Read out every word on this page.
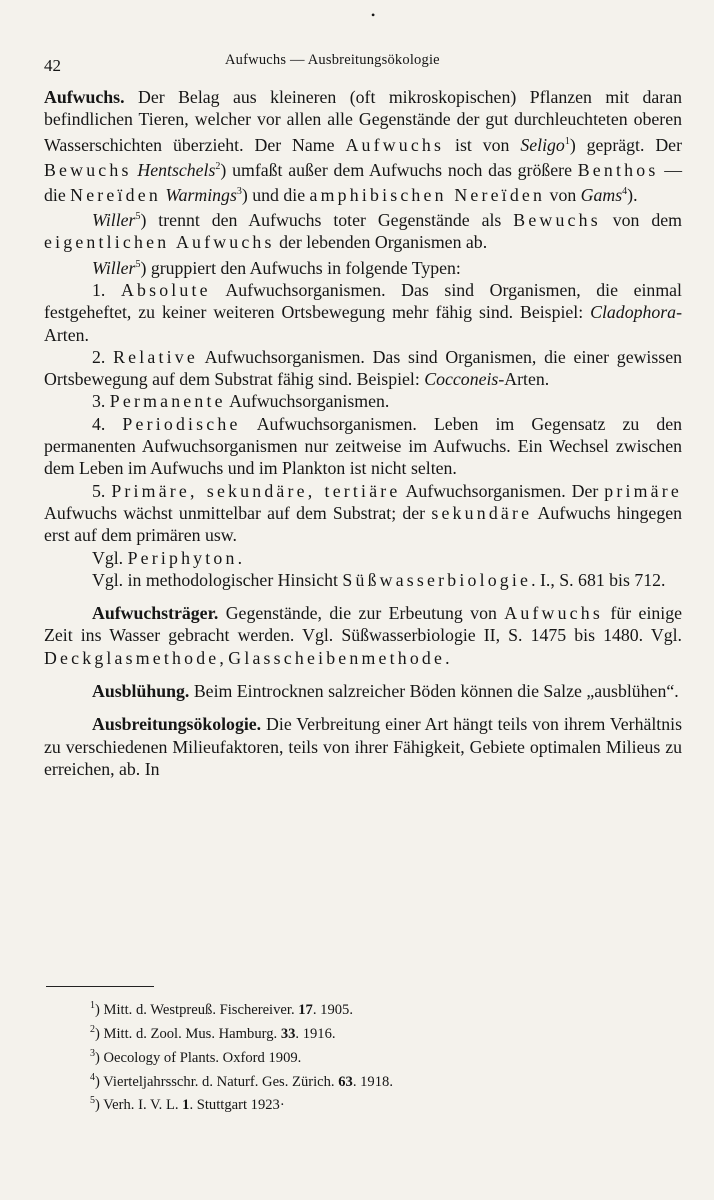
•
42	Aufwuchs — Ausbreitungsökologie

Aufwuchs. Der Belag aus kleineren (oft mikroskopischen) Pflanzen mit daran befindlichen Tieren, welcher vor allen alle Gegenstände der gut durchleuchteten oberen Wasserschichten überzieht. Der Name Aufwuchs ist von Seligo$^1$) geprägt. Der Bewuchs Hentschels$^2$) umfaßt außer dem Aufwuchs noch das größere Benthos — die Nereïden Warmings$^3$) und die amphibischen Nereïden von Gams$^4$).

Willer$^5$) trennt den Aufwuchs toter Gegenstände als Bewuchs von dem eigentlichen Aufwuchs der lebenden Organismen ab.

Willer$^5$) gruppiert den Aufwuchs in folgende Typen:

1. Absolute Aufwuchsorganismen. Das sind Organismen, die einmal festgeheftet, zu keiner weiteren Ortsbewegung mehr fähig sind. Beispiel: Cladophora-Arten.

2. Relative Aufwuchsorganismen. Das sind Organismen, die einer gewissen Ortsbewegung auf dem Substrat fähig sind. Beispiel: Cocconeis-Arten.

3. Permanente Aufwuchsorganismen.

4. Periodische Aufwuchsorganismen. Leben im Gegensatz zu den permanenten Aufwuchsorganismen nur zeitweise im Aufwuchs. Ein Wechsel zwischen dem Leben im Aufwuchs und im Plankton ist nicht selten.

5. Primäre, sekundäre, tertiäre Aufwuchsorganismen. Der primäre Aufwuchs wächst unmittelbar auf dem Substrat; der sekundäre Aufwuchs hingegen erst auf dem primären usw.

Vgl. Periphyton.

Vgl. in methodologischer Hinsicht Süßwasserbiologie. I., S. 681 bis 712.

Aufwuchsträger. Gegenstände, die zur Erbeutung von Aufwuchs für einige Zeit ins Wasser gebracht werden. Vgl. Süßwasserbiologie II, S. 1475 bis 1480. Vgl. Deckglasmethode, Glasscheibenmethode.

Ausblühung. Beim Eintrocknen salzreicher Böden können die Salze „ausblühen“.

Ausbreitungsökologie. Die Verbreitung einer Art hängt teils von ihrem Verhältnis zu verschiedenen Milieufaktoren, teils von ihrer Fähigkeit, Gebiete optimalen Milieus zu erreichen, ab. In

$^1$) Mitt. d. Westpreuß. Fischereiver. 17. 1905.
$^2$) Mitt. d. Zool. Mus. Hamburg. 33. 1916.
$^3$) Oecology of Plants. Oxford 1909.
$^4$) Vierteljahrsschr. d. Naturf. Ges. Zürich. 63. 1918.
$^5$) Verh. I. V. L. 1. Stuttgart 1923·
